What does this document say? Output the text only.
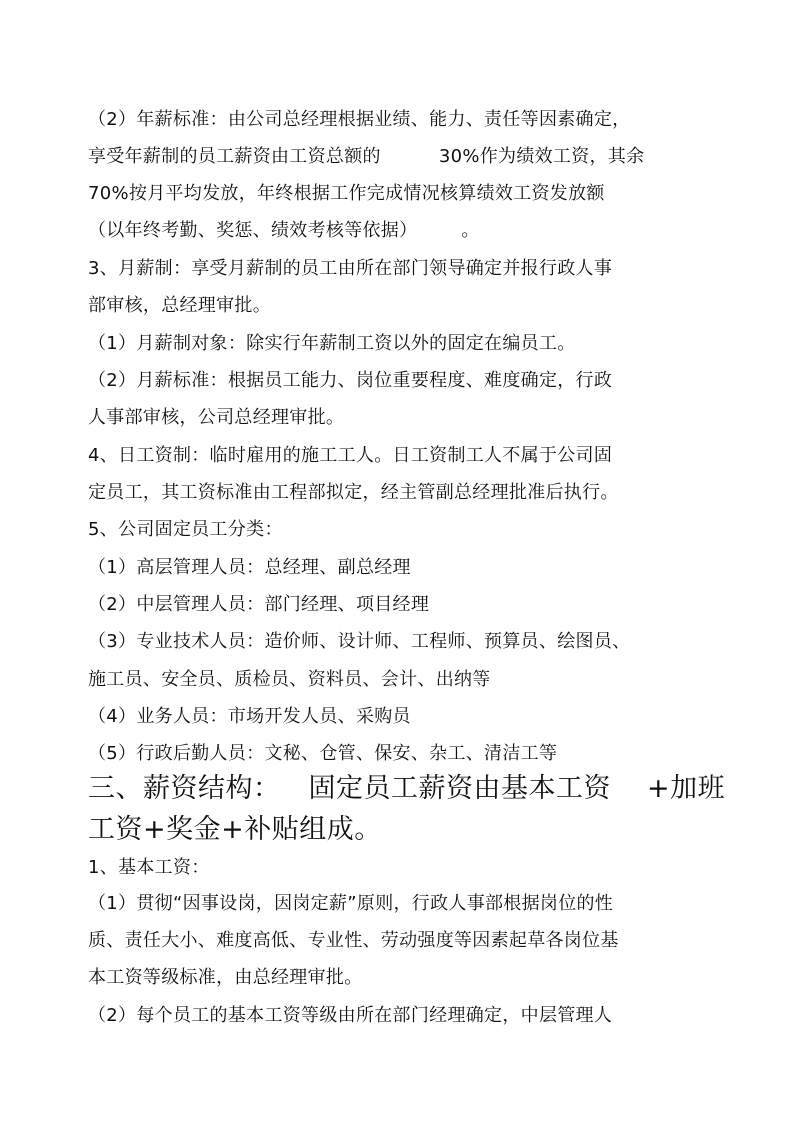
（2）年薪标准：由公司总经理根据业绩、能力、责任等因素确定，
享受年薪制的员工薪资由工资总额的	30%作为绩效工资，其余
70%按月平均发放，年终根据工作完成情况核算绩效工资发放额
（以年终考勤、奖惩、绩效考核等依据） 。
3、月薪制：享受月薪制的员工由所在部门领导确定并报行政人事
部审核，总经理审批。
（1）月薪制对象：除实行年薪制工资以外的固定在编员工。
（2）月薪标准：根据员工能力、岗位重要程度、难度确定，行政
人事部审核，公司总经理审批。
4、日工资制：临时雇用的施工工人。日工资制工人不属于公司固
定员工，其工资标准由工程部拟定，经主管副总经理批准后执行。
5、公司固定员工分类：
（1）高层管理人员：总经理、副总经理
（2）中层管理人员：部门经理、项目经理
（3）专业技术人员：造价师、设计师、工程师、预算员、绘图员、
施工员、安全员、质检员、资料员、会计、出纳等
（4）业务人员：市场开发人员、采购员
（5）行政后勤人员：文秘、仓管、保安、杂工、清洁工等
三、薪资结构： 固定员工薪资由基本工资 +加班
工资+奖金+补贴组成。
1、基本工资：
（1）贯彻“因事设岗，因岗定薪”原则，行政人事部根据岗位的性
质、责任大小、难度高低、专业性、劳动强度等因素起草各岗位基
本工资等级标准，由总经理审批。
（2）每个员工的基本工资等级由所在部门经理确定，中层管理人
